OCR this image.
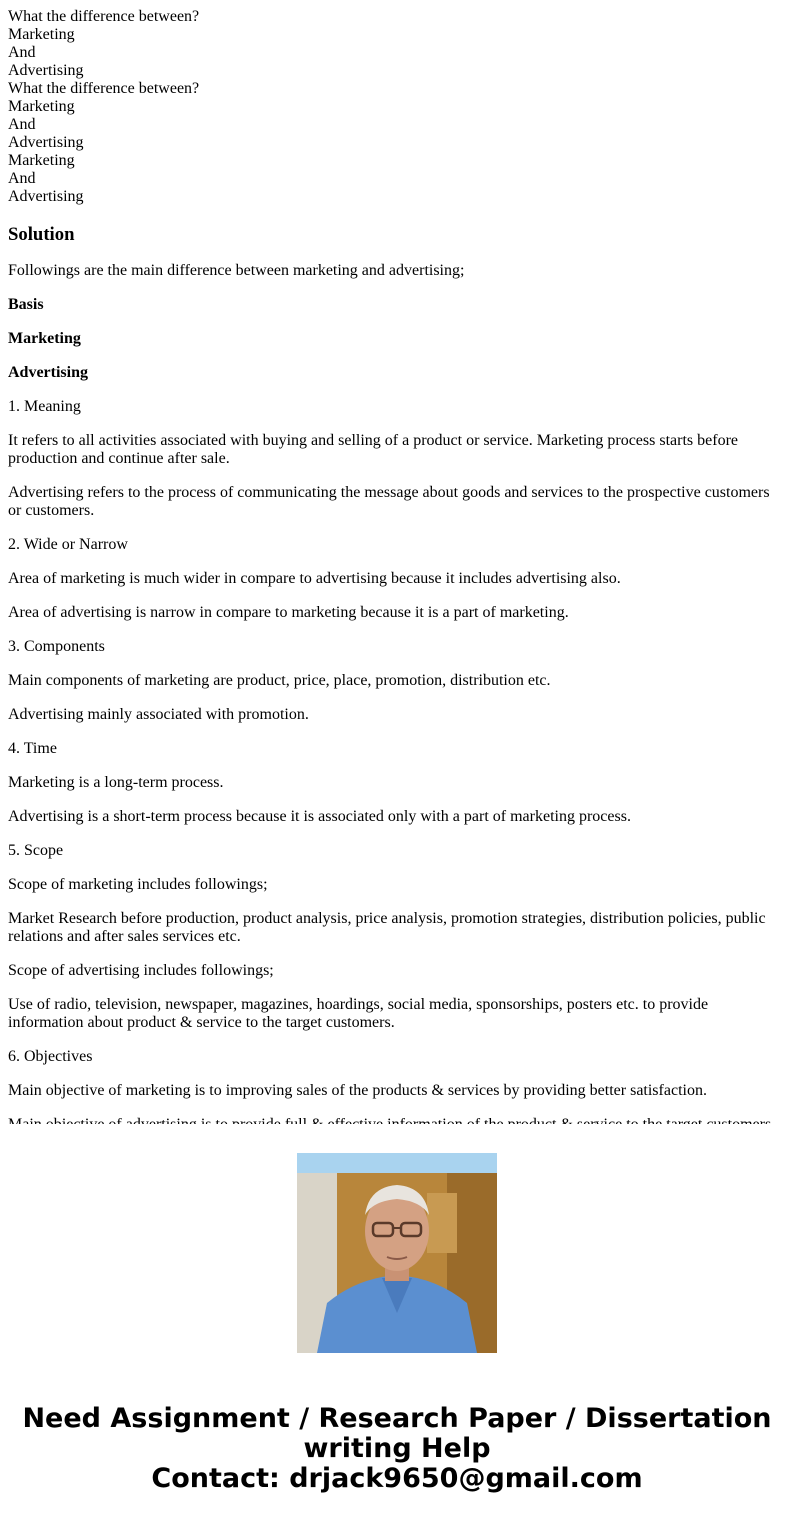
What the difference between?
Marketing
And
Advertising
What the difference between?
Marketing
And
Advertising
Marketing
And
Advertising
Solution

Followings are the main difference between marketing and advertising;

Basis

Marketing

Advertising

1. Meaning

It refers to all activities associated with buying and selling of a product or service. Marketing process starts before production and continue after sale.

Advertising refers to the process of communicating the message about goods and services to the prospective customers or customers.

2. Wide or Narrow

Area of marketing is much wider in compare to advertising because it includes advertising also.

Area of advertising is narrow in compare to marketing because it is a part of marketing.

3. Components

Main components of marketing are product, price, place, promotion, distribution etc.

Advertising mainly associated with promotion.

4. Time

Marketing is a long-term process.

Advertising is a short-term process because it is associated only with a part of marketing process.

5. Scope

Scope of marketing includes followings;

Market Research before production, product analysis, price analysis, promotion strategies, distribution policies, public relations and after sales services etc.

Scope of advertising includes followings;

Use of radio, television, newspaper, magazines, hoardings, social media, sponsorships, posters etc. to provide information about product & service to the target customers.

6. Objectives

Main objective of marketing is to improving sales of the products & services by providing better satisfaction.

Need Assignment / Research Paper / Dissertation
writing Help
Contact: drjack9650@gmail.com
